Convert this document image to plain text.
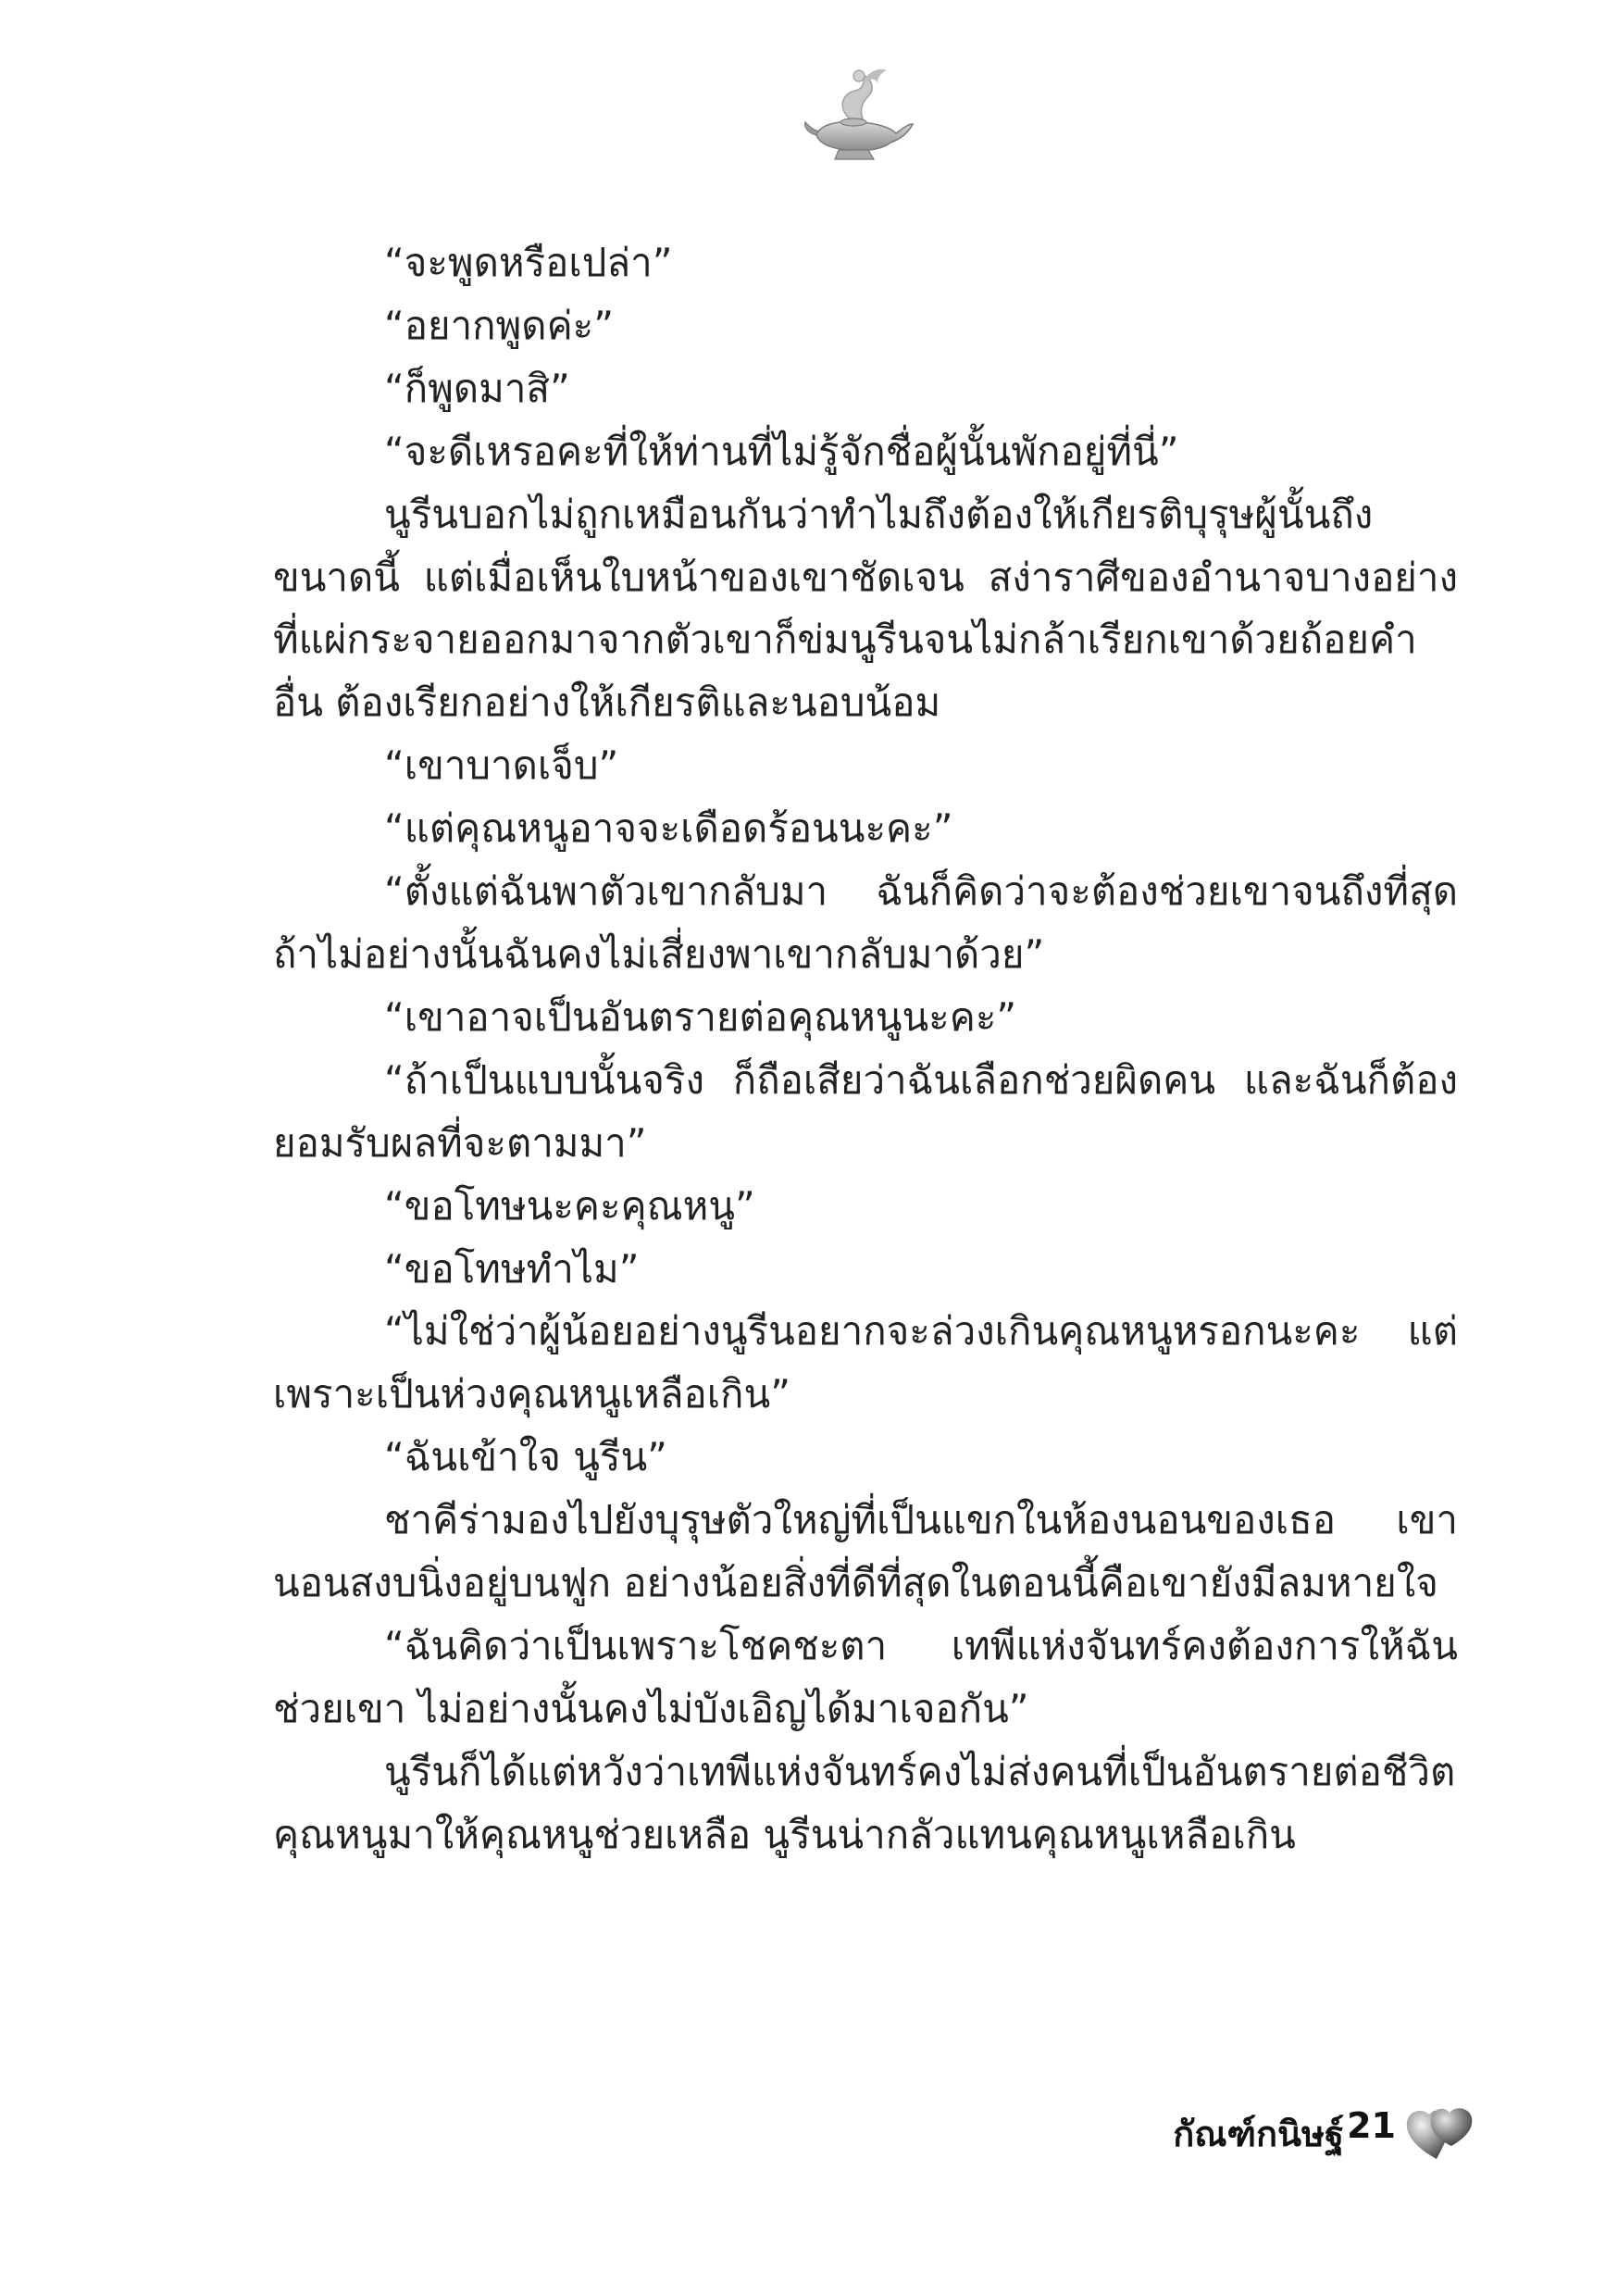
“จะพูดหรือเปล่า”

“อยากพูดค่ะ”

“ก็พูดมาสิ”

“จะดีเหรอคะที่ให้ท่านที่ไม่รู้จักชื่อผู้นั้นพักอยู่ที่นี่”

นูรีนบอกไม่ถูกเหมือนกันว่าทำไมถึงต้องให้เกียรติบุรุษผู้นั้นถึงขนาดนี้ แต่เมื่อเห็นใบหน้าของเขาชัดเจน สง่าราศีของอำนาจบางอย่างที่แผ่กระจายออกมาจากตัวเขาก็ข่มนูรีนจนไม่กล้าเรียกเขาด้วยถ้อยคำอื่น ต้องเรียกอย่างให้เกียรติและนอบน้อม

“เขาบาดเจ็บ”

“แต่คุณหนูอาจจะเดือดร้อนนะคะ”

“ตั้งแต่ฉันพาตัวเขากลับมา ฉันก็คิดว่าจะต้องช่วยเขาจนถึงที่สุด ถ้าไม่อย่างนั้นฉันคงไม่เสี่ยงพาเขากลับมาด้วย”

“เขาอาจเป็นอันตรายต่อคุณหนูนะคะ”

“ถ้าเป็นแบบนั้นจริง ก็ถือเสียว่าฉันเลือกช่วยผิดคน และฉันก็ต้องยอมรับผลที่จะตามมา”

“ขอโทษนะคะคุณหนู”

“ขอโทษทำไม”

“ไม่ใช่ว่าผู้น้อยอย่างนูรีนอยากจะล่วงเกินคุณหนูหรอกนะคะ แต่เพราะเป็นห่วงคุณหนูเหลือเกิน”

“ฉันเข้าใจ นูรีน”

ชาคีร่ามองไปยังบุรุษตัวใหญ่ที่เป็นแขกในห้องนอนของเธอ เขานอนสงบนิ่งอยู่บนฟูก อย่างน้อยสิ่งที่ดีที่สุดในตอนนี้คือเขายังมีลมหายใจ

“ฉันคิดว่าเป็นเพราะโชคชะตา เทพีแห่งจันทร์คงต้องการให้ฉันช่วยเขา ไม่อย่างนั้นคงไม่บังเอิญได้มาเจอกัน”

นูรีนก็ได้แต่หวังว่าเทพีแห่งจันทร์คงไม่ส่งคนที่เป็นอันตรายต่อชีวิตคุณหนูมาให้คุณหนูช่วยเหลือ นูรีนน่ากลัวแทนคุณหนูเหลือเกิน

กัณฑ์กนิษฐ์ 21
